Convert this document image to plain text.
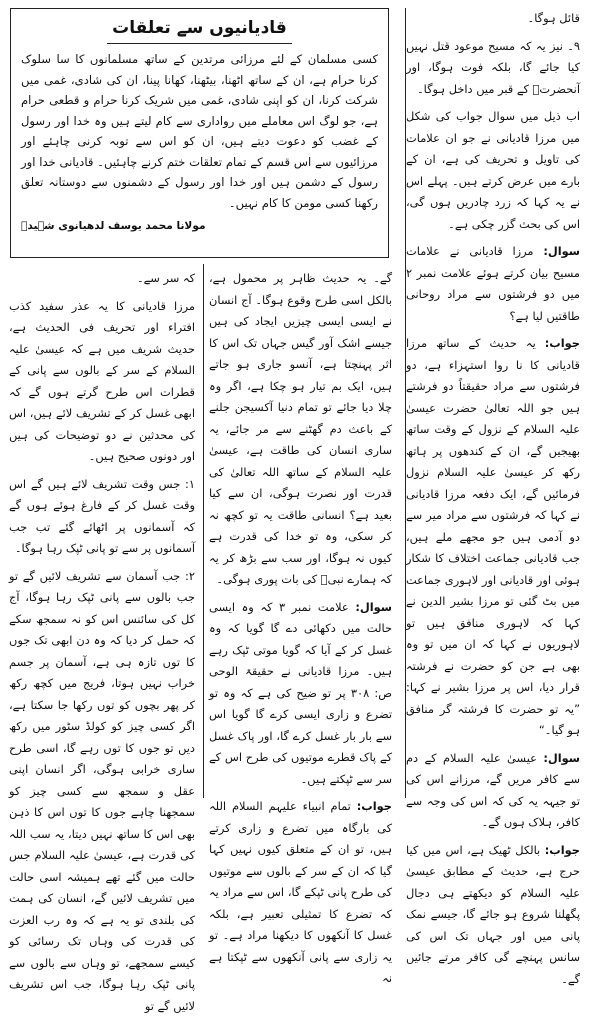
قائل ہوگا۔

۹۔ نیز یہ کہ مسیح موعود قتل نہیں کیا جائے گا، بلکہ فوت ہوگا، اور آنحضرتؐ کے قبر میں داخل ہوگا۔

اب ذیل میں سوال جواب کی شکل میں مرزا قادیانی نے جو ان علامات کی تاویل و تحریف کی ہے، ان کے بارے میں عرض کرتے ہیں۔ پہلے اس نے یہ کہا کہ زرد چادریں ہوں گی، اس کی بحث گزر چکی ہے۔

سوال: مرزا قادیانی نے علامات مسیح بیان کرتے ہوئے علامت نمبر ۲ میں دو فرشتوں سے مراد روحانی طاقتیں لیا ہے؟

جواب: یہ حدیث کے ساتھ مرزا قادیانی کا نا روا استہزاء ہے، دو فرشتوں سے مراد حقیقتاً دو فرشتے ہیں جو اللہ تعالیٰ حضرت عیسیٰ علیہ السلام کے نزول کے وقت ساتھ بھیجیں گے، ان کے کندھوں پر ہاتھ رکھ کر عیسیٰ علیہ السلام نزول فرمائیں گے، ایک دفعہ مرزا قادیانی نے کہا کہ فرشتوں سے مراد میر سے دو آدمی ہیں جو مجھے ملے ہیں، جب قادیانی جماعت اختلاف کا شکار ہوئی اور قادیانی اور لاہوری جماعت میں بٹ گئی تو مرزا بشیر الدین نے کہا کہ لاہوری منافق ہیں تو لاہوریوں نے کہا کہ ان میں تو وہ بھی ہے جن کو حضرت نے فرشتہ قرار دیا، اس پر مرزا بشیر نے کہا: ”یہ تو حضرت کا فرشتہ گر منافق ہو گیا۔“

سوال: عیسیٰ علیہ السلام کے دم سے کافر مریں گے، مرزانے اس کی تو جیہہ یہ کی کہ اس کی وجہ سے کافر، ہلاک ہوں گے۔

جواب: بالکل ٹھیک ہے، اس میں کیا حرج ہے، حدیث کے مطابق عیسیٰ علیہ السلام کو دیکھتے ہی دجال پگھلنا شروع ہو جائے گا، جیسے نمک پانی میں اور جہاں تک اس کی سانس پہنچے گی کافر مرتے جائیں گے۔

قادیانیوں سے تعلقات

کسی مسلمان کے لئے مرزائی مرتدین کے ساتھ مسلمانوں کا سا سلوک کرنا حرام ہے، ان کے ساتھ اٹھنا، بیٹھنا، کھانا پینا، ان کی شادی، غمی میں شرکت کرنا، ان کو اپنی شادی، غمی میں شریک کرنا حرام و قطعی حرام ہے، جو لوگ اس معاملے میں رواداری سے کام لیتے ہیں وہ خدا اور رسول کے غضب کو دعوت دیتے ہیں، ان کو اس سے توبہ کرنی چاہئے اور مرزائیوں سے اس قسم کے تمام تعلقات ختم کرنے چاہئیں۔ قادیانی خدا اور رسول کے دشمن ہیں اور خدا اور رسول کے دشمنوں سے دوستانہ تعلق رکھنا کسی مومن کا کام نہیں۔

مولانا محمد یوسف لدھیانوی شہیدؒ

گے۔ یہ حدیث ظاہر پر محمول ہے، بالکل اسی طرح وقوع ہوگا۔ آج انسان نے ایسی ایسی چیزیں ایجاد کی ہیں جیسے اشک آور گیس جہاں تک اس کا اثر پہنچتا ہے، آنسو جاری ہو جاتے ہیں، ایک بم تیار ہو چکا ہے، اگر وہ چلا دیا جائے تو تمام دنیا آکسیجن جلنے کے باعث دم گھٹنے سے مر جائے، یہ ساری انسان کی طاقت ہے، عیسیٰ علیہ السلام کے ساتھ اللہ تعالیٰ کی قدرت اور نصرت ہوگی، ان سے کیا بعید ہے؟ انسانی طاقت یہ تو کچھ نہ کر سکی، وہ تو خدا کی قدرت ہے کیوں نہ ہوگا، اور سب سے بڑھ کر یہ کہ ہمارے نبیؐ کی بات پوری ہوگی۔

سوال: علامت نمبر ۳ کہ وہ ایسی حالت میں دکھائی دے گا گویا کہ وہ غسل کر کے آیا کہ گویا موتی ٹپک رہے ہیں۔ مرزا قادیانی نے حقیقۃ الوحی ص: ۳۰۸ پر تو ضیح کی ہے کہ وہ تو تضرع و زاری ایسی کرے گا گویا اس سے بار بار غسل کرے گا، اور پاک غسل کے پاک قطرے موتیوں کی طرح اس کے سر سے ٹپکتے ہیں۔

جواب: تمام انبیاء علیہم السلام اللہ کی بارگاہ میں تضرع و زاری کرتے ہیں، تو ان کے متعلق کیوں نہیں کہا گیا کہ ان کے سر کے بالوں سے موتیوں کی طرح پانی ٹپکے گا، اس سے مراد یہ کہ تضرع کا تمثیلی تعبیر ہے، بلکہ غسل کا آنکھوں کا دیکھنا مراد ہے۔ تو یہ زاری سے پانی آنکھوں سے ٹپکتا ہے نہ

کہ سر سے۔

مرزا قادیانی کا یہ عذر سفید کذب افتراء اور تحریف فی الحدیث ہے، حدیث شریف میں ہے کہ عیسیٰ علیہ السلام کے سر کے بالوں سے پانی کے قطرات اس طرح گرتے ہوں گے کہ ابھی غسل کر کے تشریف لائے ہیں، اس کی محدثین نے دو توضیحات کی ہیں اور دونوں صحیح ہیں۔

۱: جس وقت تشریف لائے ہیں گے اس وقت غسل کر کے فارغ ہوئے ہوں گے کہ آسمانوں پر اٹھائے گئے تب جب آسمانوں پر سے تو پانی ٹپک رہا ہوگا۔

۲: جب آسمان سے تشریف لائیں گے تو جب بالوں سے پانی ٹپک رہا ہوگا، آج کل کی سائنس اس کو نہ سمجھ سکے کہ حمل کر دیا کہ وہ دن ابھی تک جوں کا توں تازہ ہی ہے، آسمان پر جسم خراب نہیں ہوتا، فریج میں کچھ رکھ کر پھر بچوں کو توں رکھا جا سکتا ہے، اگر کسی چیز کو کولڈ سٹور میں رکھ دیں تو جوں کا توں رہے گا، اسی طرح ساری خرابی ہوگی، اگر انسان اپنی عقل و سمجھ سے کسی چیز کو سمجھنا چاہے جوں کا توں اس کا ذہن بھی اس کا ساتھ نہیں دیتا، یہ سب اللہ کی قدرت ہے، عیسیٰ علیہ السلام جس حالت میں گئے تھے ہمیشہ اسی حالت میں تشریف لائیں گے، انسان کی ہمت کی بلندی تو یہ ہے کہ وہ رب العزت کی قدرت کی وہاں تک رسائی کو کیسے سمجھے، تو وہاں سے بالوں سے پانی ٹپک رہا ہوگا، جب اس تشریف لائیں گے تو
